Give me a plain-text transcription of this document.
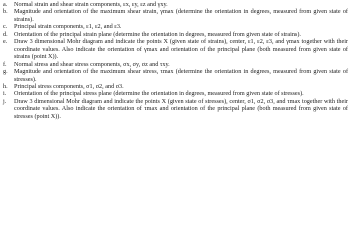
a.	Normal strain and shear strain components, εx, εy, εz and γxy.
b.	Magnitude and orientation of the maximum shear strain, γmax (determine the orientation in degrees, measured from given state of strains).
c.	Principal strain components, ε1, ε2, and ε3.
d.	Orientation of the principal strain plane (determine the orientation in degrees, measured from given state of strains).
e.	Draw 3 dimensional Mohr diagram and indicate the points X (given state of strains), center, ε1, ε2, ε3, and γmax together with their coordinate values. Also indicate the orientation of γmax and orientation of the principal plane (both measured from given state of strains (point X)).
f.	Normal stress and shear stress components, σx, σy, σz and τxy.
g.	Magnitude and orientation of the maximum shear stress, τmax (determine the orientation in degrees, measured from given state of stresses).
h.	Principal stress components, σ1, σ2, and σ3.
i.	Orientation of the principal stress plane (determine the orientation in degrees, measured from given state of stresses).
j.	Draw 3 dimensional Mohr diagram and indicate the points X (given state of stresses), center, σ1, σ2, σ3, and τmax together with their coordinate values. Also indicate the orientation of τmax and orientation of the principal plane (both measured from given state of stresses (point X)).
